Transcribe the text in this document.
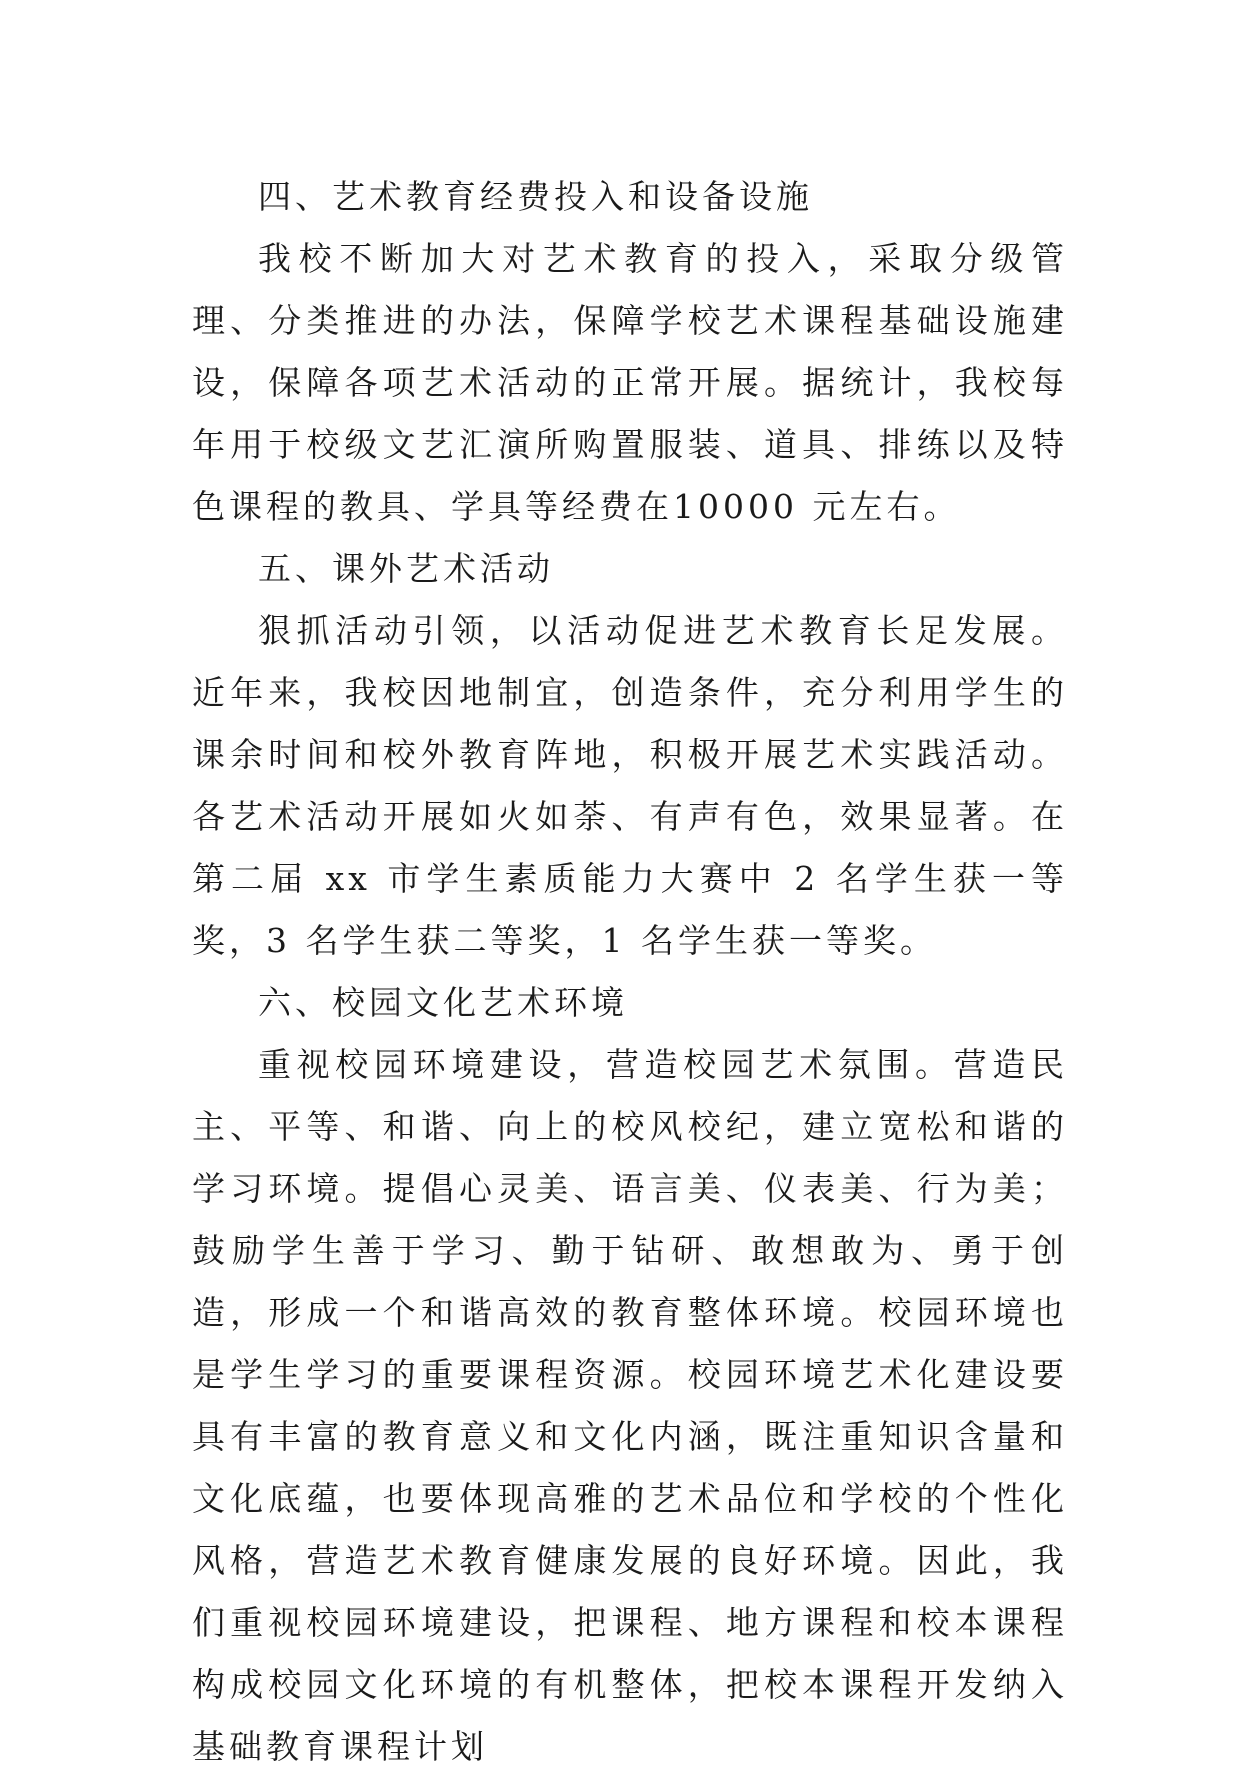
四、艺术教育经费投入和设备设施

我校不断加大对艺术教育的投入，采取分级管理、分类推进的办法，保障学校艺术课程基础设施建设，保障各项艺术活动的正常开展。据统计，我校每年用于校级文艺汇演所购置服装、道具、排练以及特色课程的教具、学具等经费在10000 元左右。

五、课外艺术活动

狠抓活动引领，以活动促进艺术教育长足发展。近年来，我校因地制宜，创造条件，充分利用学生的课余时间和校外教育阵地，积极开展艺术实践活动。各艺术活动开展如火如荼、有声有色，效果显著。在第二届 xx 市学生素质能力大赛中 2 名学生获一等奖，3 名学生获二等奖，1 名学生获一等奖。

六、校园文化艺术环境

重视校园环境建设，营造校园艺术氛围。营造民主、平等、和谐、向上的校风校纪，建立宽松和谐的学习环境。提倡心灵美、语言美、仪表美、行为美；鼓励学生善于学习、勤于钻研、敢想敢为、勇于创造，形成一个和谐高效的教育整体环境。校园环境也是学生学习的重要课程资源。校园环境艺术化建设要具有丰富的教育意义和文化内涵，既注重知识含量和文化底蕴，也要体现高雅的艺术品位和学校的个性化风格，营造艺术教育健康发展的良好环境。因此，我们重视校园环境建设，把课程、地方课程和校本课程构成校园文化环境的有机整体，把校本课程开发纳入基础教育课程计划
